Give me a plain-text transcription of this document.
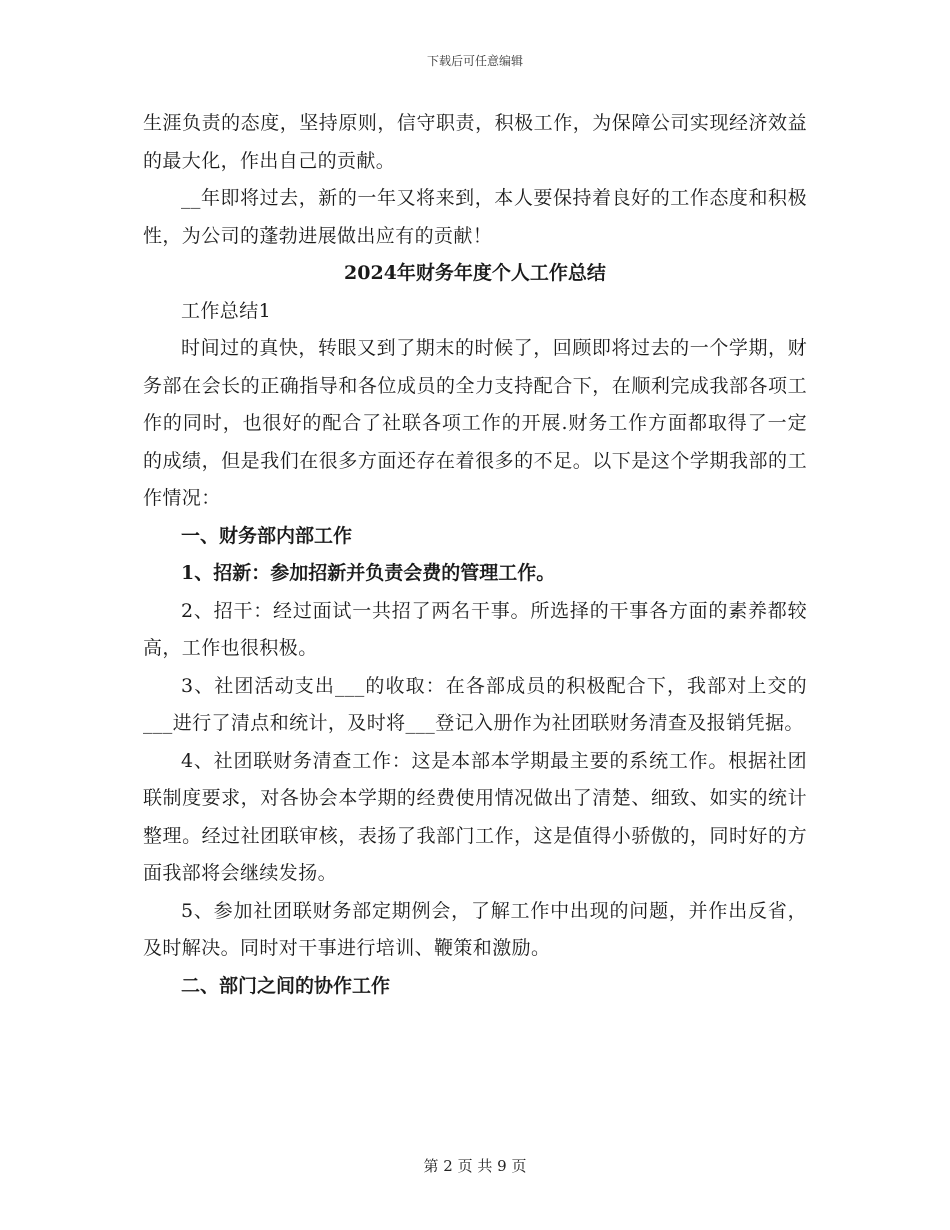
下载后可任意编辑

生涯负责的态度，坚持原则，信守职责，积极工作，为保障公司实现经济效益的最大化，作出自己的贡献。

__年即将过去，新的一年又将来到，本人要保持着良好的工作态度和积极性，为公司的蓬勃进展做出应有的贡献！

2024年财务年度个人工作总结

工作总结1

时间过的真快，转眼又到了期末的时候了，回顾即将过去的一个学期，财务部在会长的正确指导和各位成员的全力支持配合下，在顺利完成我部各项工作的同时，也很好的配合了社联各项工作的开展.财务工作方面都取得了一定的成绩，但是我们在很多方面还存在着很多的不足。以下是这个学期我部的工作情况：

一、财务部内部工作

1、招新：参加招新并负责会费的管理工作。

2、招干：经过面试一共招了两名干事。所选择的干事各方面的素养都较高，工作也很积极。

3、社团活动支出___的收取：在各部成员的积极配合下，我部对上交的___进行了清点和统计，及时将___登记入册作为社团联财务清查及报销凭据。

4、社团联财务清查工作：这是本部本学期最主要的系统工作。根据社团联制度要求，对各协会本学期的经费使用情况做出了清楚、细致、如实的统计整理。经过社团联审核，表扬了我部门工作，这是值得小骄傲的，同时好的方面我部将会继续发扬。

5、参加社团联财务部定期例会，了解工作中出现的问题，并作出反省，及时解决。同时对干事进行培训、鞭策和激励。

二、部门之间的协作工作

第 2 页 共 9 页
